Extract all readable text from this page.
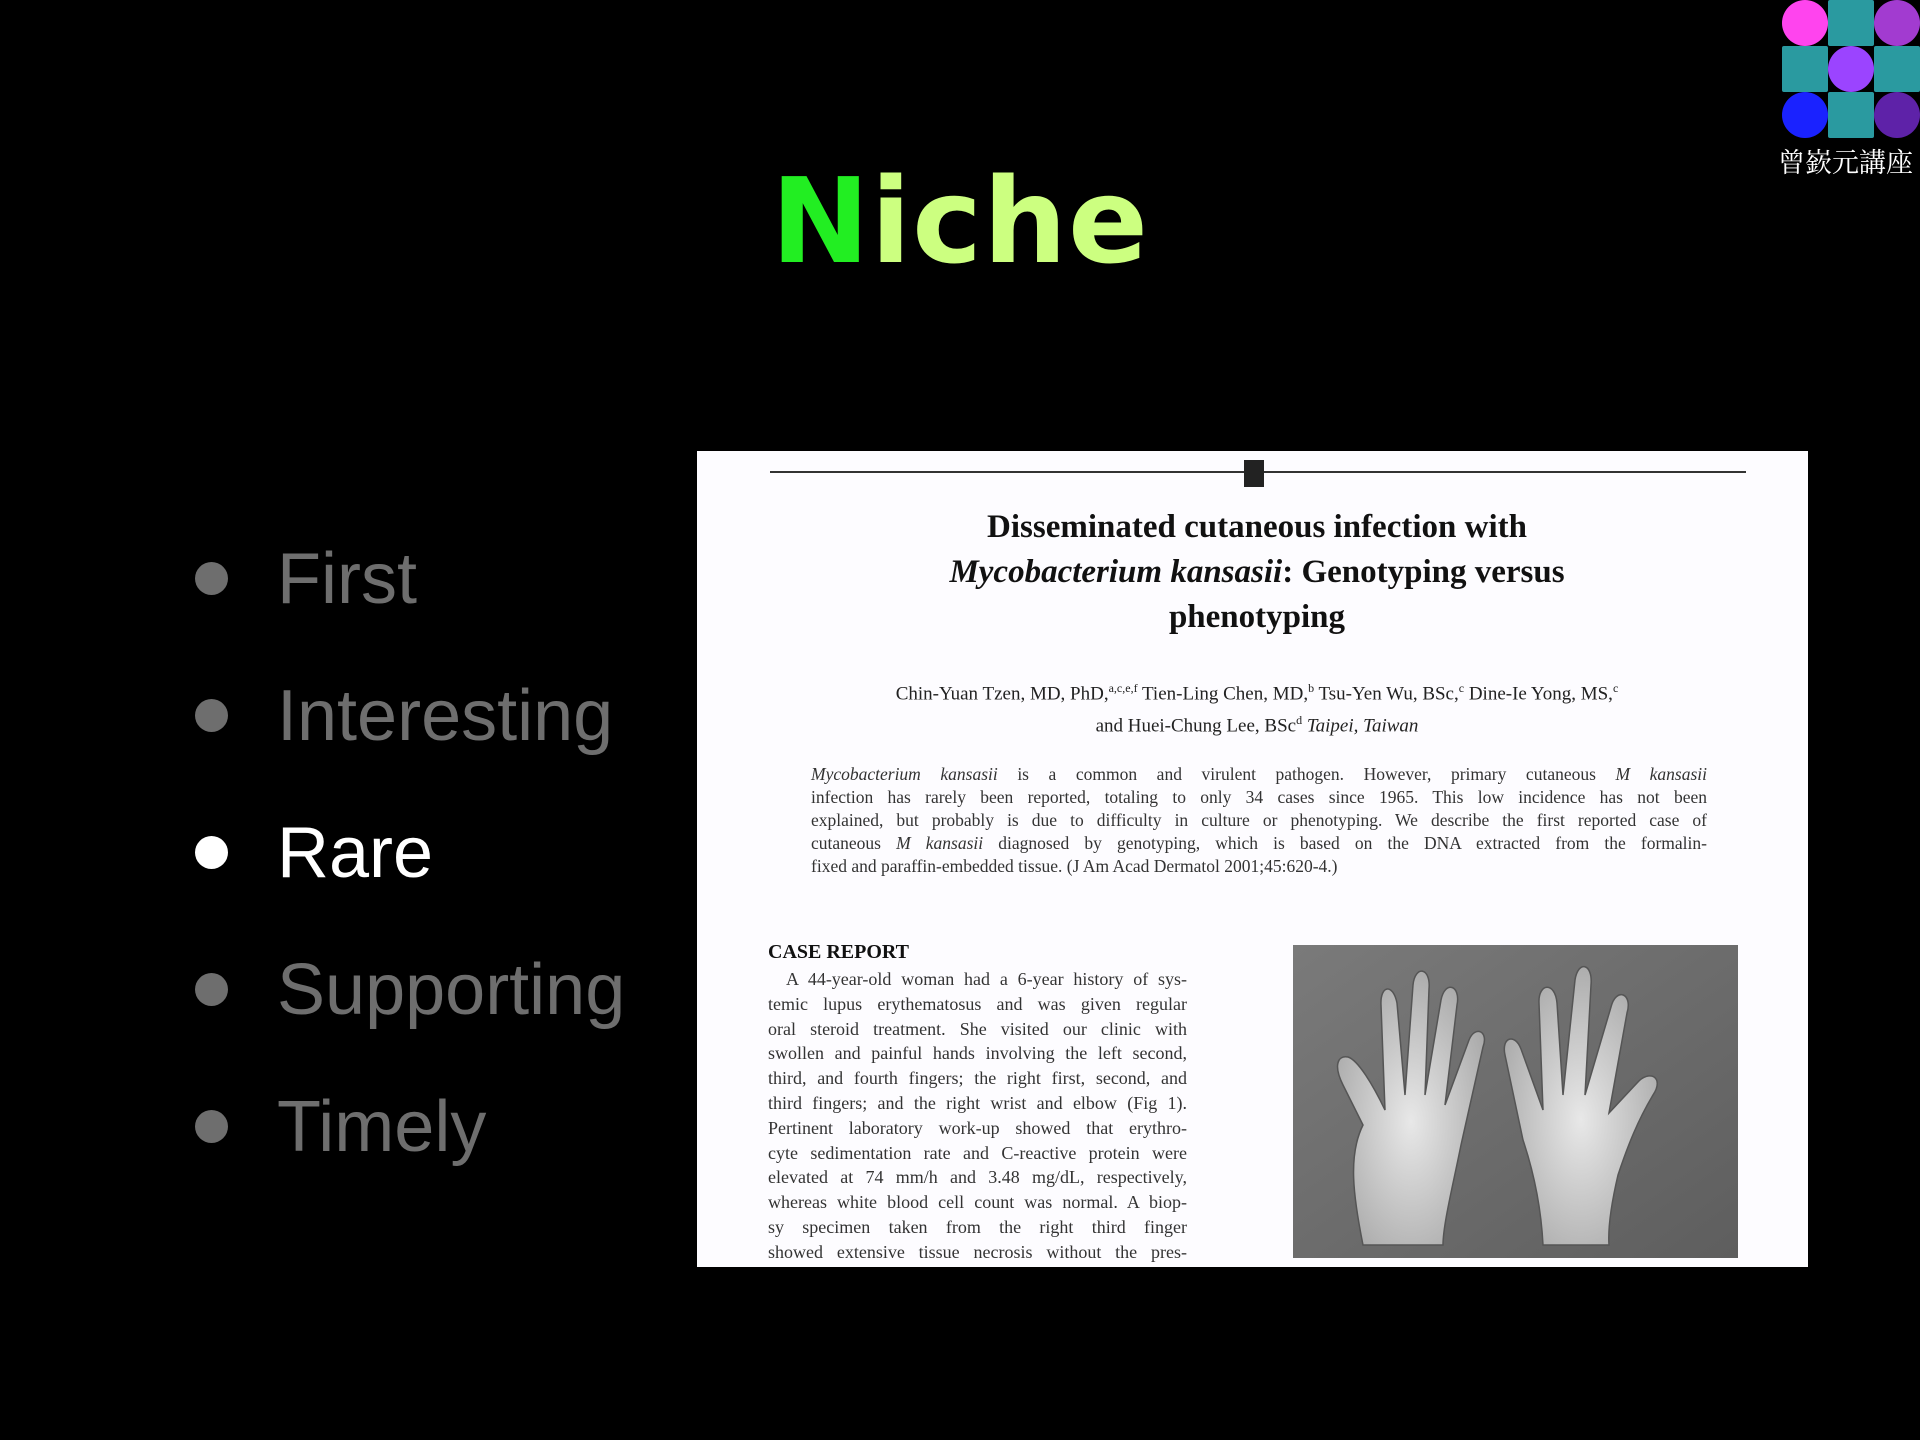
曾嶔元講座
Niche
First
Interesting
Rare
Supporting
Timely
Disseminated cutaneous infection with
Mycobacterium kansasii: Genotyping versus
phenotyping
Chin-Yuan Tzen, MD, PhD,$^{a,c,e,f}$ Tien-Ling Chen, MD,$^b$ Tsu-Yen Wu, BSc,$^c$ Dine-Ie Yong, MS,$^c$
and Huei-Chung Lee, BSc$^d$ Taipei, Taiwan
Mycobacterium kansasii is a common and virulent pathogen. However, primary cutaneous M kansasii
infection has rarely been reported, totaling to only 34 cases since 1965. This low incidence has not been
explained, but probably is due to difficulty in culture or phenotyping. We describe the first reported case of
cutaneous M kansasii diagnosed by genotyping, which is based on the DNA extracted from the formalin-
fixed and paraffin-embedded tissue. (J Am Acad Dermatol 2001;45:620-4.)
CASE REPORT
 A 44-year-old woman had a 6-year history of sys-
temic lupus erythematosus and was given regular
oral steroid treatment. She visited our clinic with
swollen and painful hands involving the left second,
third, and fourth fingers; the right first, second, and
third fingers; and the right wrist and elbow (Fig 1).
Pertinent laboratory work-up showed that erythro-
cyte sedimentation rate and C-reactive protein were
elevated at 74 mm/h and 3.48 mg/dL, respectively,
whereas white blood cell count was normal. A biop-
sy specimen taken from the right third finger
showed extensive tissue necrosis without the pres-
